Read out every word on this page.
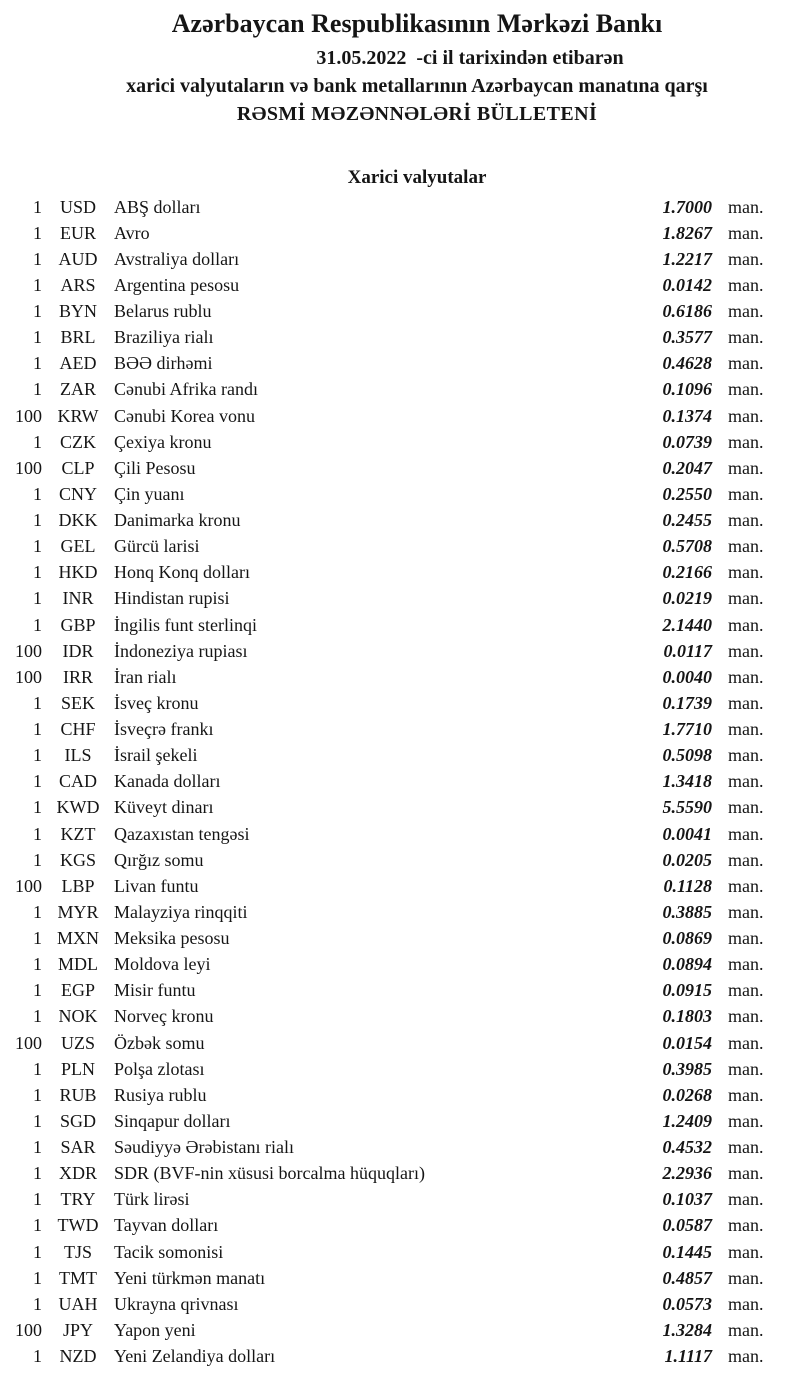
Azərbaycan Respublikasının Mərkəzi Bankı
31.05.2022  -ci il tarixindən etibarən
xarici valyutaların və bank metallarının Azərbaycan manatına qarşı
RƏSMİ MƏZƏNNƏLƏRİ BÜLLETENİ
Xarici valyutalar
1 USD	ABŞ dolları	1.7000 man.
1	EUR	Avro	1.8267 man.
1 AUD Avstraliya dolları	1.2217 man.
1	ARS	Argentina pesosu	0.0142 man.
1 BYN Belarus rublu	0.6186 man.
1	BRL	Braziliya rialı	0.3577 man.
1 AED BƏƏ dirhəmi	0.4628 man.
1	ZAR	Cənubi Afrika randı	0.1096 man.
100 KRW Cənubi Korea vonu	0.1374 man.
1	CZK	Çexiya kronu	0.0739 man.
100	CLP	Çili Pesosu	0.2047 man.
1 CNY Çin yuanı	0.2550 man.
1 DKK Danimarka kronu	0.2455 man.
1	GEL	Gürcü larisi	0.5708 man.
1 HKD Honq Konq dolları	0.2166 man.
1	INR	Hindistan rupisi	0.0219 man.
1	GBP	İngilis funt sterlinqi	2.1440 man.
100	IDR	İndoneziya rupiası	0.0117 man.
100	IRR	İran rialı	0.0040 man.
1	SEK	İsveç kronu	0.1739 man.
1	CHF	İsveçrə frankı	1.7710 man.
1	ILS	İsrail şekeli	0.5098 man.
1 CAD Kanada dolları	1.3418 man.
1 KWD Küveyt dinarı	5.5590 man.
1	KZT	Qazaxıstan tengəsi	0.0041 man.
1 KGS	Qırğız somu	0.0205 man.
100	LBP	Livan funtu	0.1128 man.
1 MYR Malayziya rinqqiti	0.3885 man.
1 MXN Meksika pesosu	0.0869 man.
1 MDL Moldova leyi	0.0894 man.
1	EGP	Misir funtu	0.0915 man.
1 NOK Norveç kronu	0.1803 man.
100	UZS	Özbək somu	0.0154 man.
1	PLN	Polşa zlotası	0.3985 man.
1 RUB Rusiya rublu	0.0268 man.
1 SGD	Sinqapur dolları	1.2409 man.
1	SAR	Səudiyyə Ərəbistanı rialı	0.4532 man.
1 XDR SDR (BVF-nin xüsusi borcalma hüquqları)	2.2936 man.
1	TRY	Türk lirəsi	0.1037 man.
1 TWD Tayvan dolları	0.0587 man.
1	TJS	Tacik somonisi	0.1445 man.
1 TMT Yeni türkmən manatı	0.4857 man.
1 UAH Ukrayna qrivnası	0.0573 man.
100	JPY	Yapon yeni	1.3284 man.
1 NZD Yeni Zelandiya dolları	1.1117 man.
